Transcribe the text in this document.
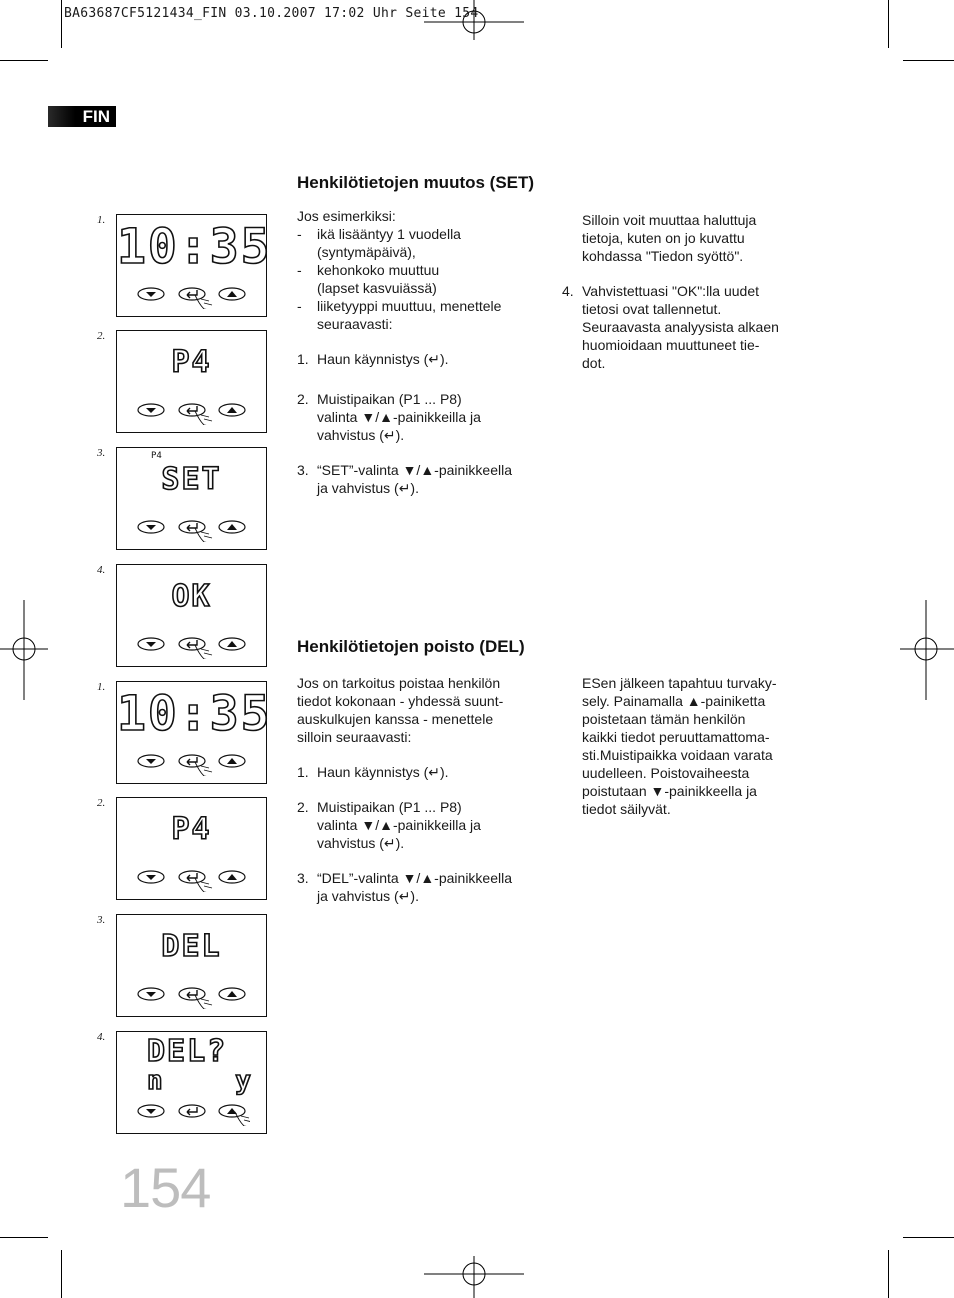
BA63687CF5121434_FIN 03.10.2007 17:02 Uhr Seite 154
FIN
Henkilötietojen muutos (SET)

Jos esimerkiksi:

- ikä lisääntyy 1 vuodella

(syntymäpäivä),

- kehonkoko muuttuu

(lapset kasvuiässä)

- liiketyyppi muuttuu, menettele

seuraavasti:

1. Haun käynnistys (↵).

2. Muistipaikan (P1 ... P8)

valinta ▼/▲-painikkeilla ja

vahvistus (↵).

3. “SET”-valinta ▼/▲-painikkeella

ja vahvistus (↵).

Silloin voit muuttaa haluttuja

tietoja, kuten on jo kuvattu

kohdassa "Tiedon syöttö".

4. Vahvistettuasi "OK":lla uudet

tietosi ovat tallennetut.

Seuraavasta analyysista alkaen

huomioidaan muuttuneet tie-

dot.

Henkilötietojen poisto (DEL)

Jos on tarkoitus poistaa henkilön

tiedot kokonaan - yhdessä suunt-

auskulkujen kanssa - menettele

silloin seuraavasti:

1. Haun käynnistys (↵).

2. Muistipaikan (P1 ... P8)

valinta ▼/▲-painikkeilla ja

vahvistus (↵).

3. “DEL”-valinta ▼/▲-painikkeella

ja vahvistus (↵).

ESen jälkeen tapahtuu turvaky-

sely. Painamalla ▲-painiketta

poistetaan tämän henkilön

kaikki tiedot peruuttamattoma-

sti.Muistipaikka voidaan varata

uudelleen. Poistovaiheesta

poistutaan ▼-painikkeella ja

tiedot säilyvät.

1. 10:35
2.
P4
3.	P4
SET
4.
OK
1. 10:35
2.
P4
3.
DEL
4. DEL?
n    y
154
